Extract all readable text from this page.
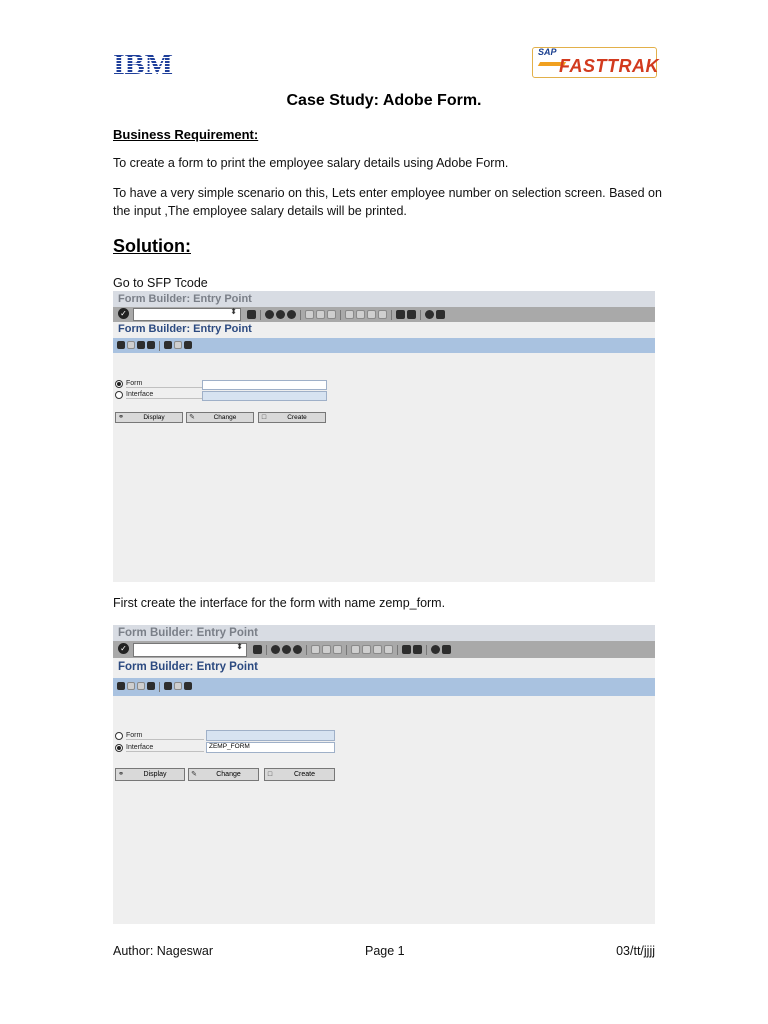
IBM	SAP
FASTTRAK
Case Study: Adobe Form.
Business Requirement:
To create a form to print the employee salary details using Adobe Form.
To have a very simple scenario on this, Lets enter employee number on selection screen. Based on the input ,The employee salary details will be printed.
Solution:
Go to SFP Tcode
Form Builder: Entry Point
✓	⬍
Form Builder: Entry Point
Form
Interface
⚭	Display	✎	Change	□	Create
First create the interface for the form with name zemp_form.
Form Builder: Entry Point
✓	⬍
Form Builder: Entry Point
Form
Interface	ZEMP_FORM
⚭	Display	✎	Change	□	Create
Author: Nageswar	Page 1	03/tt/jjjj
